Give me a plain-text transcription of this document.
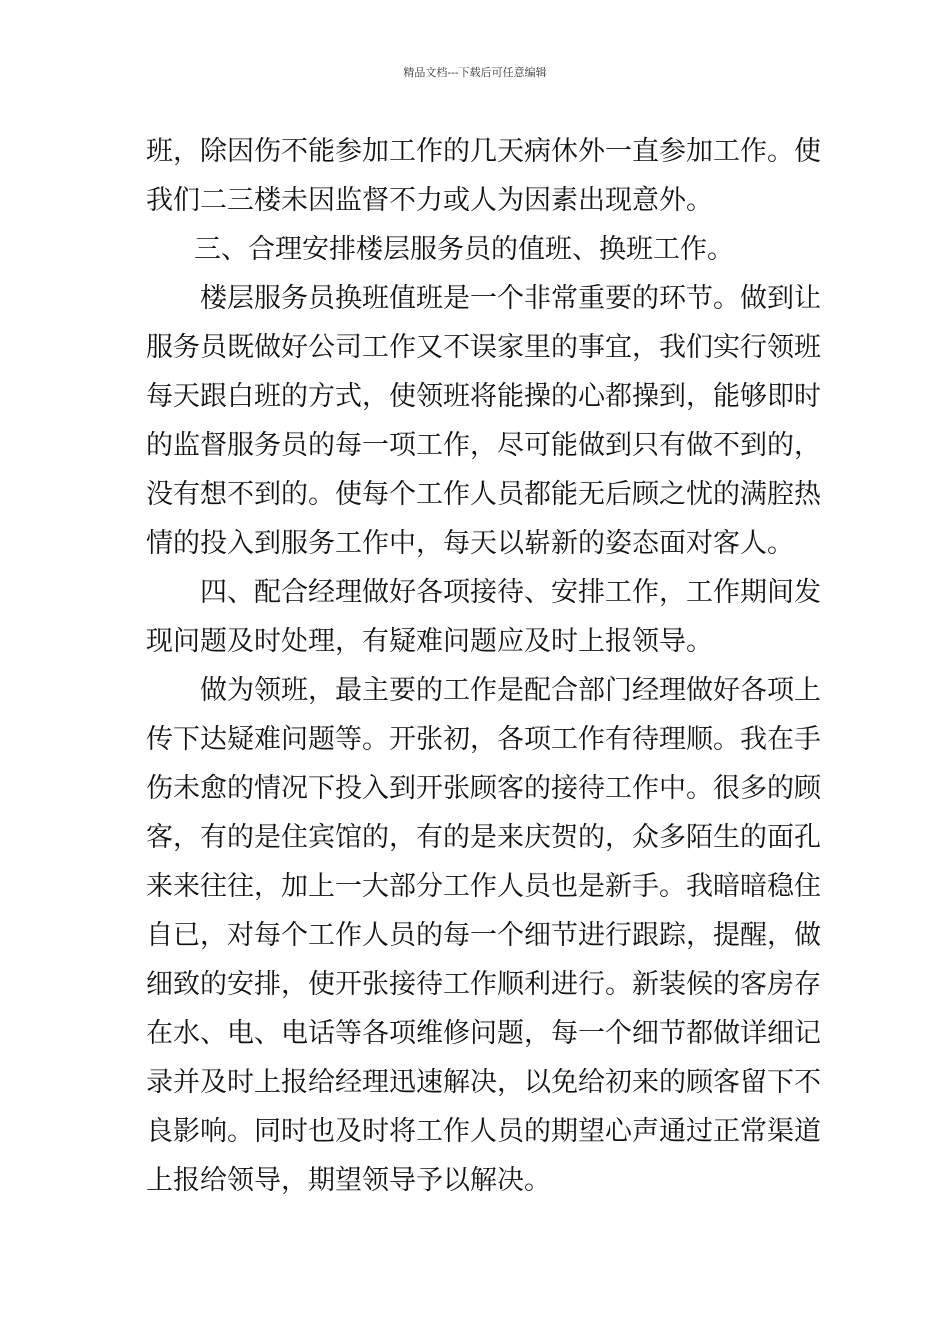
精品文档---下载后可任意编辑
班，除因伤不能参加工作的几天病休外一直参加工作。使
我们二三楼未因监督不力或人为因素出现意外。
三、合理安排楼层服务员的值班、换班工作。
楼层服务员换班值班是一个非常重要的环节。做到让
服务员既做好公司工作又不误家里的事宜，我们实行领班
每天跟白班的方式，使领班将能操的心都操到，能够即时
的监督服务员的每一项工作，尽可能做到只有做不到的，
没有想不到的。使每个工作人员都能无后顾之忧的满腔热
情的投入到服务工作中，每天以崭新的姿态面对客人。
四、配合经理做好各项接待、安排工作，工作期间发
现问题及时处理，有疑难问题应及时上报领导。
做为领班，最主要的工作是配合部门经理做好各项上
传下达疑难问题等。开张初，各项工作有待理顺。我在手
伤未愈的情况下投入到开张顾客的接待工作中。很多的顾
客，有的是住宾馆的，有的是来庆贺的，众多陌生的面孔
来来往往，加上一大部分工作人员也是新手。我暗暗稳住
自已，对每个工作人员的每一个细节进行跟踪，提醒，做
细致的安排，使开张接待工作顺利进行。新装候的客房存
在水、电、电话等各项维修问题，每一个细节都做详细记
录并及时上报给经理迅速解决，以免给初来的顾客留下不
良影响。同时也及时将工作人员的期望心声通过正常渠道
上报给领导，期望领导予以解决。
